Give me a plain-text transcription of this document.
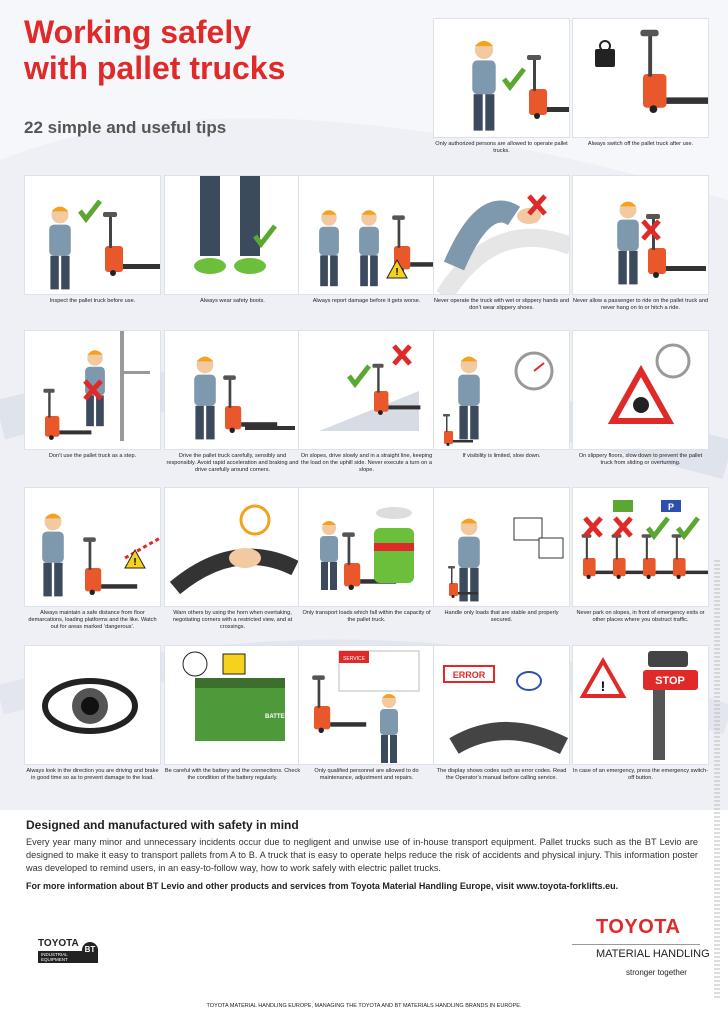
Working safely
with pallet trucks
22 simple and useful tips
Only authorized persons are allowed to operate pallet trucks.
Always switch off the pallet truck after use.
Inspect the pallet truck before use.	Always wear safety boots.
!
Always report damage before it gets worse.	Never operate the truck with wet or slippery hands and don’t wear slippery shoes.
Never allow a passenger to ride on the pallet truck and never hang on to or hitch a ride.
Don’t use the pallet truck as a step.	Drive the pallet truck carefully, sensibly and responsibly. Avoid rapid acceleration and braking and drive carefully around corners.
On slopes, drive slowly and in a straight line, keeping the load on the uphill side. Never execute a turn on a slope.
If visibility is limited, slow down.	On slippery floors, slow down to prevent the pallet truck from sliding or overturning.
!
Always maintain a safe distance from floor demarcations, loading platforms and the like. Watch out for areas marked ‘dangerous’.
Warn others by using the horn when overtaking, negotiating corners with a restricted view, and at crossings.
Only transport loads which fall within the capacity of the pallet truck.
Handle only loads that are stable and properly secured.
P
Never park on slopes, in front of emergency exits or other places where you obstruct traffic.
Always look in the direction you are driving and brake in good time so as to prevent damage to the load.
BATTERY
Be careful with the battery and the connections. Check the condition of the battery regularly.
SERVICE
Only qualified personnel are allowed to do maintenance, adjustment and repairs.
ERROR
The display shows codes such as error codes. Read the Operator’s manual before calling service.
!	STOP
In case of an emergency, press the emergency switch-off button.
Designed and manufactured with safety in mind

Every year many minor and unnecessary incidents occur due to negligent and unwise use of in-house transport equipment. Pallet trucks such as the BT Levio are designed to make it easy to transport pallets from A to B. A truck that is easy to operate helps reduce the risk of accidents and physical injury. This information poster was developed to remind users, in an easy-to-follow way, how to work safely with electric pallet trucks.

For more information about BT Levio and other products and services from Toyota Material Handling Europe, visit www.toyota-forklifts.eu.
TOYOTA
MATERIAL HANDLING
stronger together
TOYOTA
INDUSTRIAL EQUIPMENT
BT
TOYOTA MATERIAL HANDLING EUROPE, MANAGING THE TOYOTA AND BT MATERIALS HANDLING BRANDS IN EUROPE.
